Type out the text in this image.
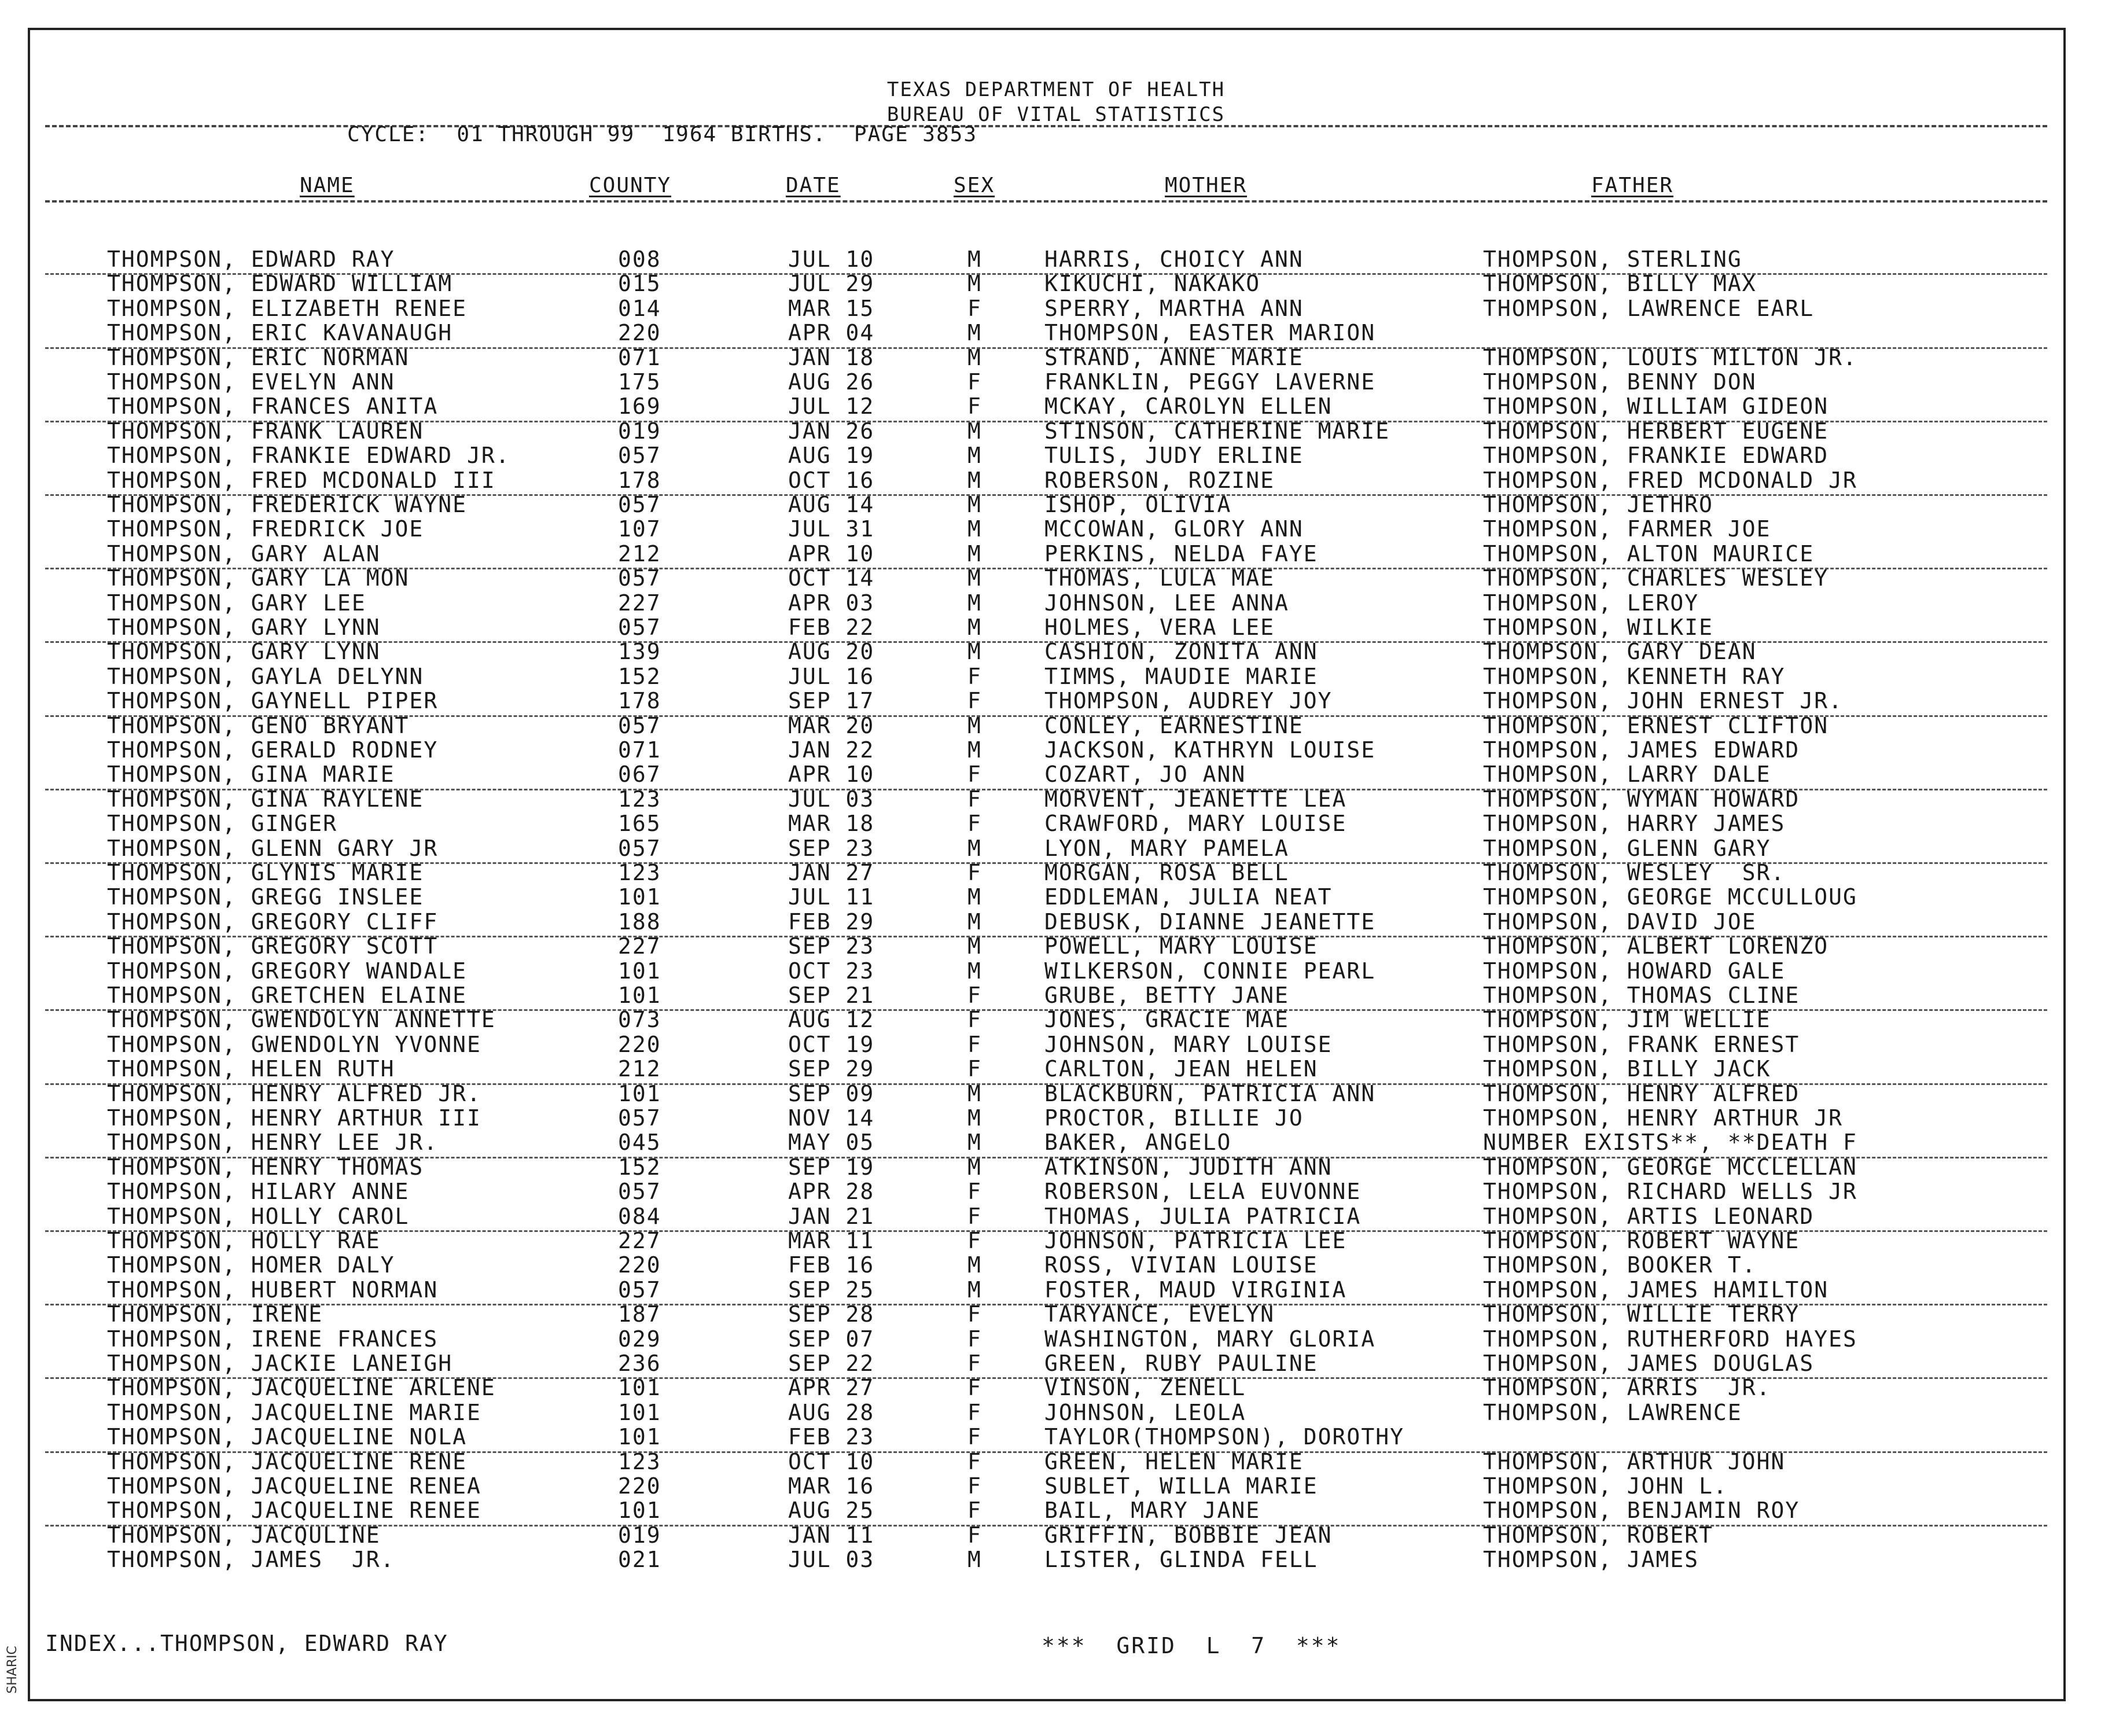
TEXAS DEPARTMENT OF HEALTH
BUREAU OF VITAL STATISTICS
CYCLE:  01 THROUGH 99  1964 BIRTHS.  PAGE 3853
NAME	COUNTY	DATE	SEX	MOTHER	FATHER
THOMPSON, EDWARD RAY	008	JUL 10	M	HARRIS, CHOICY ANN	THOMPSON, STERLING
THOMPSON, EDWARD WILLIAM	015	JUL 29	M	KIKUCHI, NAKAKO	THOMPSON, BILLY MAX
THOMPSON, ELIZABETH RENEE	014	MAR 15	F	SPERRY, MARTHA ANN	THOMPSON, LAWRENCE EARL
THOMPSON, ERIC KAVANAUGH	220	APR 04	M	THOMPSON, EASTER MARION
THOMPSON, ERIC NORMAN	071	JAN 18	M	STRAND, ANNE MARIE	THOMPSON, LOUIS MILTON JR.
THOMPSON, EVELYN ANN	175	AUG 26	F	FRANKLIN, PEGGY LAVERNE	THOMPSON, BENNY DON
THOMPSON, FRANCES ANITA	169	JUL 12	F	MCKAY, CAROLYN ELLEN	THOMPSON, WILLIAM GIDEON
THOMPSON, FRANK LAUREN	019	JAN 26	M	STINSON, CATHERINE MARIE	THOMPSON, HERBERT EUGENE
THOMPSON, FRANKIE EDWARD JR.	057	AUG 19	M	TULIS, JUDY ERLINE	THOMPSON, FRANKIE EDWARD
THOMPSON, FRED MCDONALD III	178	OCT 16	M	ROBERSON, ROZINE	THOMPSON, FRED MCDONALD JR
THOMPSON, FREDERICK WAYNE	057	AUG 14	M	ISHOP, OLIVIA	THOMPSON, JETHRO
THOMPSON, FREDRICK JOE	107	JUL 31	M	MCCOWAN, GLORY ANN	THOMPSON, FARMER JOE
THOMPSON, GARY ALAN	212	APR 10	M	PERKINS, NELDA FAYE	THOMPSON, ALTON MAURICE
THOMPSON, GARY LA MON	057	OCT 14	M	THOMAS, LULA MAE	THOMPSON, CHARLES WESLEY
THOMPSON, GARY LEE	227	APR 03	M	JOHNSON, LEE ANNA	THOMPSON, LEROY
THOMPSON, GARY LYNN	057	FEB 22	M	HOLMES, VERA LEE	THOMPSON, WILKIE
THOMPSON, GARY LYNN	139	AUG 20	M	CASHION, ZONITA ANN	THOMPSON, GARY DEAN
THOMPSON, GAYLA DELYNN	152	JUL 16	F	TIMMS, MAUDIE MARIE	THOMPSON, KENNETH RAY
THOMPSON, GAYNELL PIPER	178	SEP 17	F	THOMPSON, AUDREY JOY	THOMPSON, JOHN ERNEST JR.
THOMPSON, GENO BRYANT	057	MAR 20	M	CONLEY, EARNESTINE	THOMPSON, ERNEST CLIFTON
THOMPSON, GERALD RODNEY	071	JAN 22	M	JACKSON, KATHRYN LOUISE	THOMPSON, JAMES EDWARD
THOMPSON, GINA MARIE	067	APR 10	F	COZART, JO ANN	THOMPSON, LARRY DALE
THOMPSON, GINA RAYLENE	123	JUL 03	F	MORVENT, JEANETTE LEA	THOMPSON, WYMAN HOWARD
THOMPSON, GINGER	165	MAR 18	F	CRAWFORD, MARY LOUISE	THOMPSON, HARRY JAMES
THOMPSON, GLENN GARY JR	057	SEP 23	M	LYON, MARY PAMELA	THOMPSON, GLENN GARY
THOMPSON, GLYNIS MARIE	123	JAN 27	F	MORGAN, ROSA BELL	THOMPSON, WESLEY  SR.
THOMPSON, GREGG INSLEE	101	JUL 11	M	EDDLEMAN, JULIA NEAT	THOMPSON, GEORGE MCCULLOUG
THOMPSON, GREGORY CLIFF	188	FEB 29	M	DEBUSK, DIANNE JEANETTE	THOMPSON, DAVID JOE
THOMPSON, GREGORY SCOTT	227	SEP 23	M	POWELL, MARY LOUISE	THOMPSON, ALBERT LORENZO
THOMPSON, GREGORY WANDALE	101	OCT 23	M	WILKERSON, CONNIE PEARL	THOMPSON, HOWARD GALE
THOMPSON, GRETCHEN ELAINE	101	SEP 21	F	GRUBE, BETTY JANE	THOMPSON, THOMAS CLINE
THOMPSON, GWENDOLYN ANNETTE	073	AUG 12	F	JONES, GRACIE MAE	THOMPSON, JIM WELLIE
THOMPSON, GWENDOLYN YVONNE	220	OCT 19	F	JOHNSON, MARY LOUISE	THOMPSON, FRANK ERNEST
THOMPSON, HELEN RUTH	212	SEP 29	F	CARLTON, JEAN HELEN	THOMPSON, BILLY JACK
THOMPSON, HENRY ALFRED JR.	101	SEP 09	M	BLACKBURN, PATRICIA ANN	THOMPSON, HENRY ALFRED
THOMPSON, HENRY ARTHUR III	057	NOV 14	M	PROCTOR, BILLIE JO	THOMPSON, HENRY ARTHUR JR
THOMPSON, HENRY LEE JR.	045	MAY 05	M	BAKER, ANGELO	NUMBER EXISTS**, **DEATH F
THOMPSON, HENRY THOMAS	152	SEP 19	M	ATKINSON, JUDITH ANN	THOMPSON, GEORGE MCCLELLAN
THOMPSON, HILARY ANNE	057	APR 28	F	ROBERSON, LELA EUVONNE	THOMPSON, RICHARD WELLS JR
THOMPSON, HOLLY CAROL	084	JAN 21	F	THOMAS, JULIA PATRICIA	THOMPSON, ARTIS LEONARD
THOMPSON, HOLLY RAE	227	MAR 11	F	JOHNSON, PATRICIA LEE	THOMPSON, ROBERT WAYNE
THOMPSON, HOMER DALY	220	FEB 16	M	ROSS, VIVIAN LOUISE	THOMPSON, BOOKER T.
THOMPSON, HUBERT NORMAN	057	SEP 25	M	FOSTER, MAUD VIRGINIA	THOMPSON, JAMES HAMILTON
THOMPSON, IRENE	187	SEP 28	F	TARYANCE, EVELYN	THOMPSON, WILLIE TERRY
THOMPSON, IRENE FRANCES	029	SEP 07	F	WASHINGTON, MARY GLORIA	THOMPSON, RUTHERFORD HAYES
THOMPSON, JACKIE LANEIGH	236	SEP 22	F	GREEN, RUBY PAULINE	THOMPSON, JAMES DOUGLAS
THOMPSON, JACQUELINE ARLENE	101	APR 27	F	VINSON, ZENELL	THOMPSON, ARRIS  JR.
THOMPSON, JACQUELINE MARIE	101	AUG 28	F	JOHNSON, LEOLA	THOMPSON, LAWRENCE
THOMPSON, JACQUELINE NOLA	101	FEB 23	F	TAYLOR(THOMPSON), DOROTHY
THOMPSON, JACQUELINE RENE	123	OCT 10	F	GREEN, HELEN MARIE	THOMPSON, ARTHUR JOHN
THOMPSON, JACQUELINE RENEA	220	MAR 16	F	SUBLET, WILLA MARIE	THOMPSON, JOHN L.
THOMPSON, JACQUELINE RENEE	101	AUG 25	F	BAIL, MARY JANE	THOMPSON, BENJAMIN ROY
THOMPSON, JACQULINE	019	JAN 11	F	GRIFFIN, BOBBIE JEAN	THOMPSON, ROBERT
THOMPSON, JAMES  JR.	021	JUL 03	M	LISTER, GLINDA FELL	THOMPSON, JAMES
INDEX...THOMPSON, EDWARD RAY	***  GRID  L  7  ***
SHARIC
